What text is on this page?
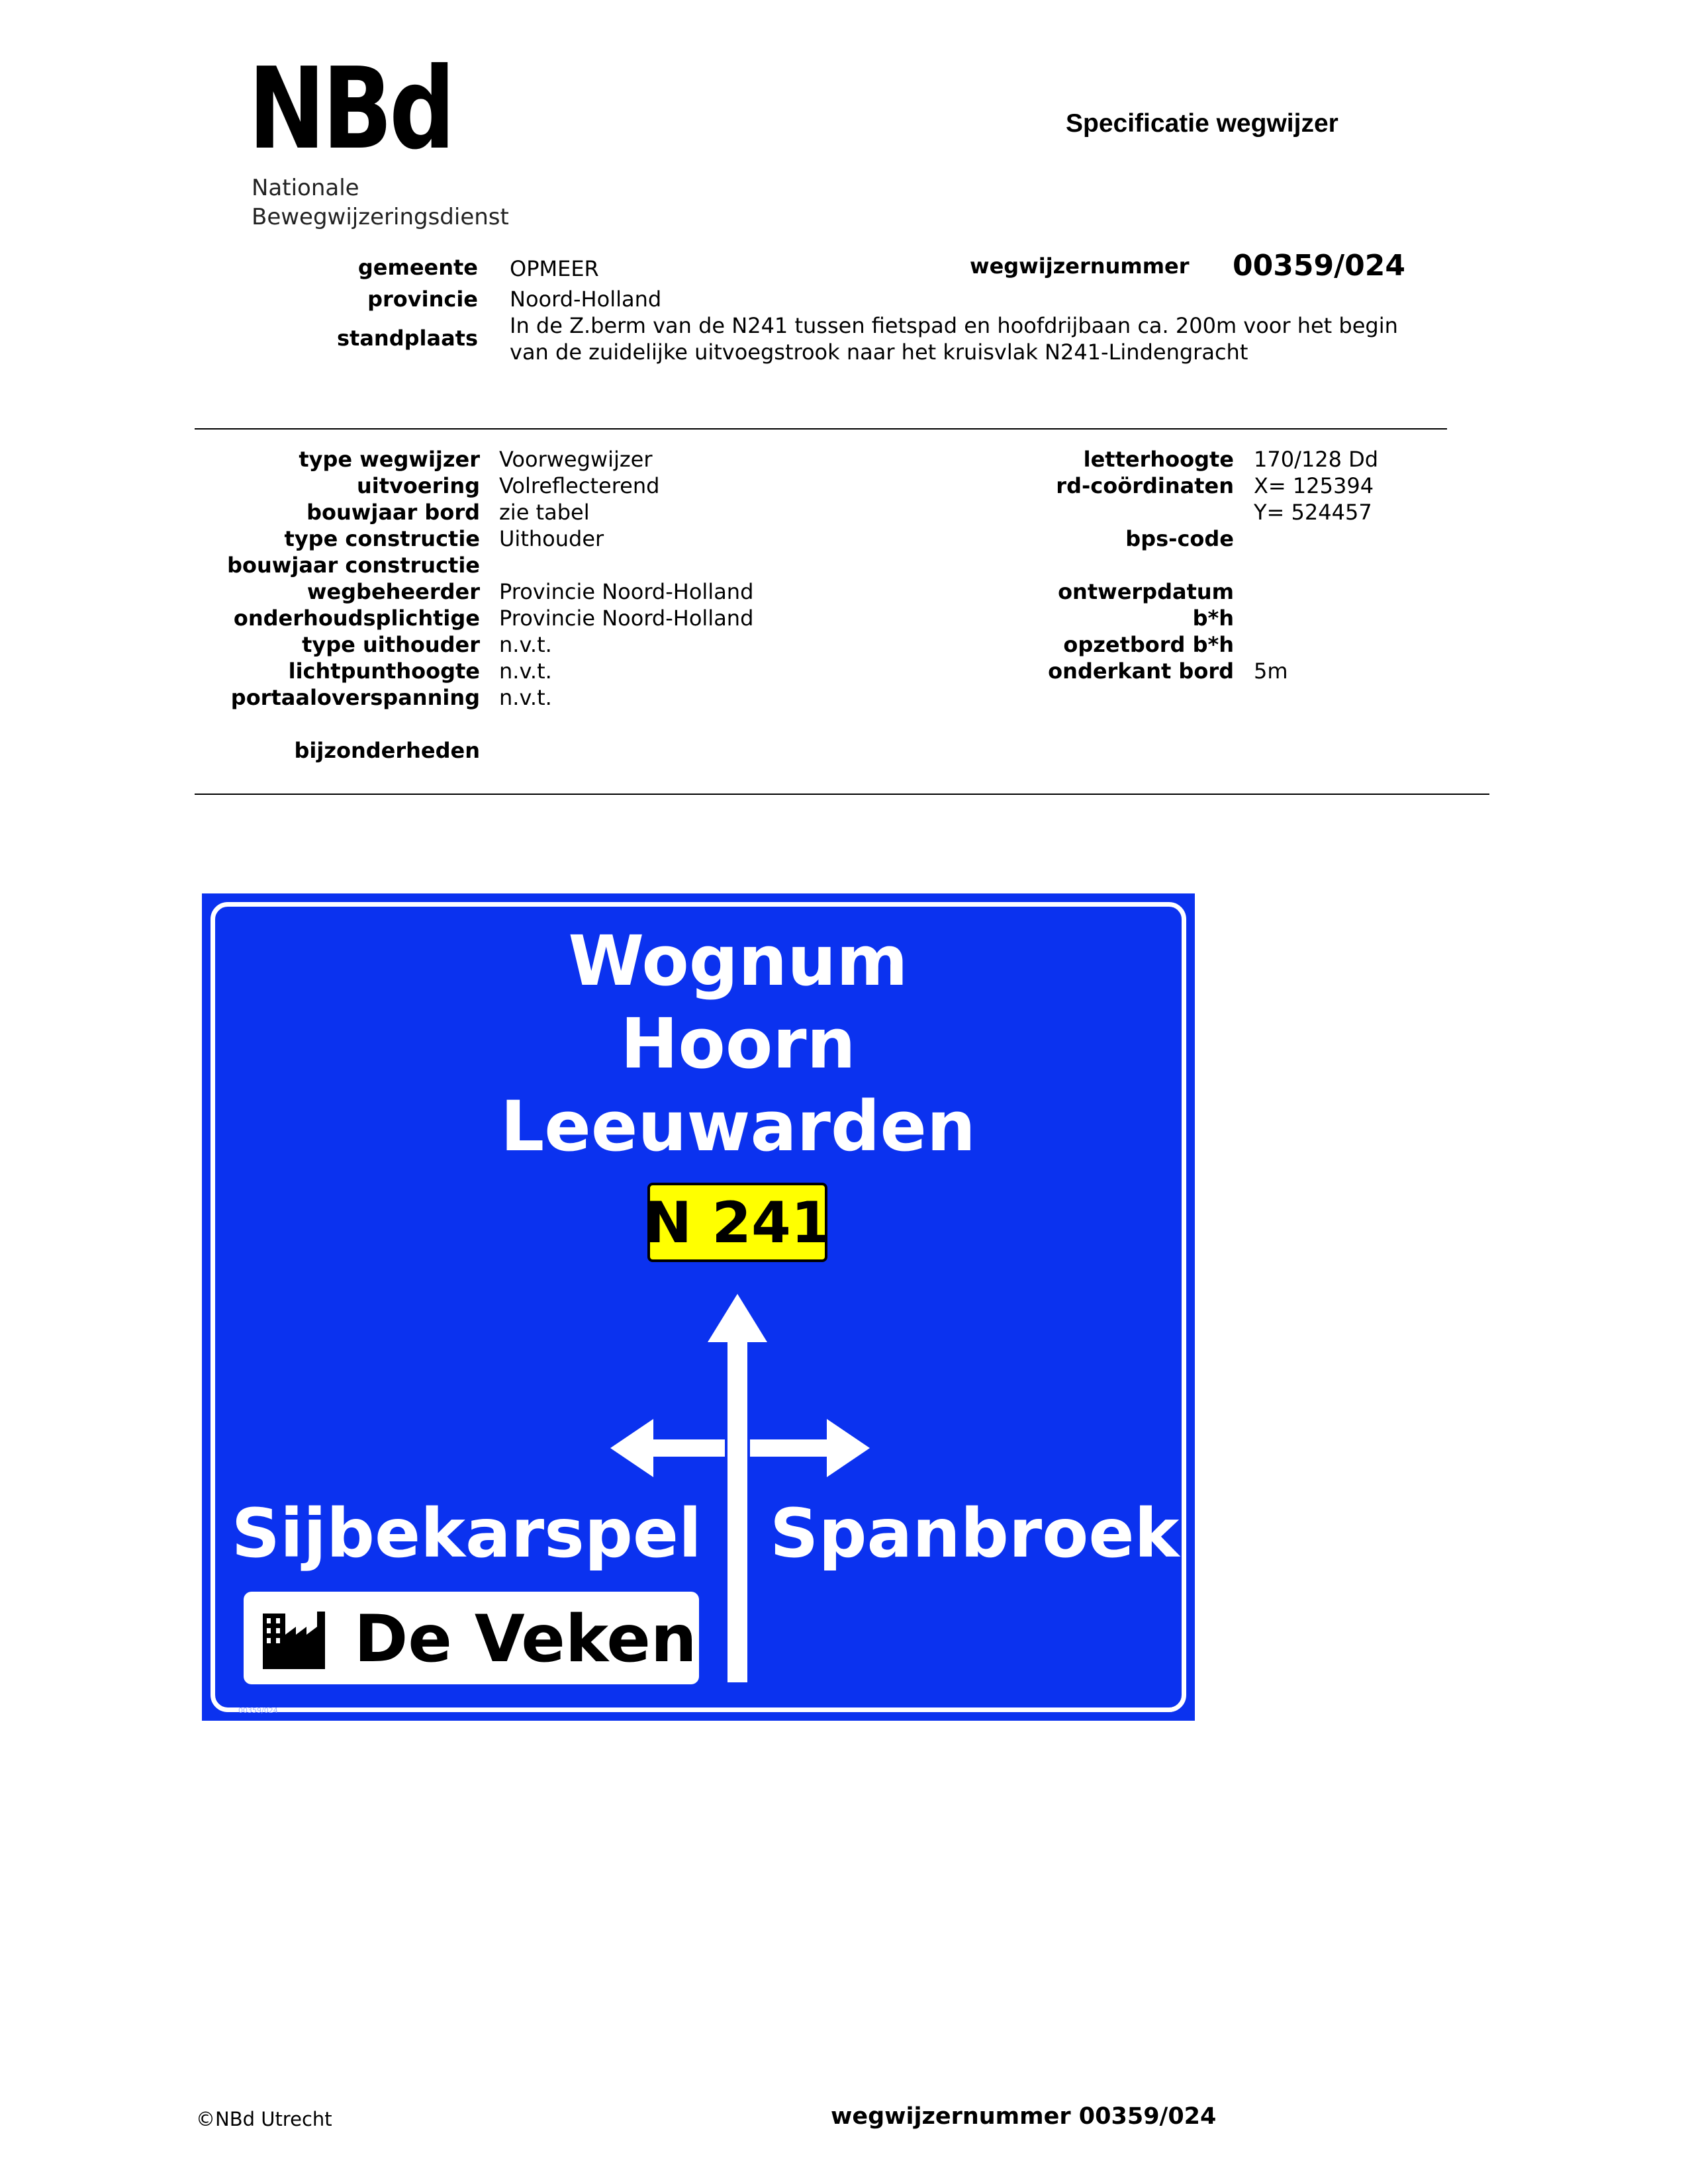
NBd
Nationale
Bewegwijzeringsdienst
Specificatie wegwijzer
gemeente OPMEER
provincie Noord-Holland
standplaats In de Z.berm van de N241 tussen fietspad en hoofdrijbaan ca. 200m voor het begin
van de zuidelijke uitvoegstrook naar het kruisvlak N241-Lindengracht
wegwijzernummer 00359/024
type wegwijzer
uitvoering
bouwjaar bord
type constructie
bouwjaar constructie
wegbeheerder
onderhoudsplichtige
type uithouder
lichtpunthoogte
portaaloverspanning

bijzonderheden
Voorwegwijzer
Volreflecterend
zie tabel
Uithouder

Provincie Noord-Holland
Provincie Noord-Holland
n.v.t.
n.v.t.
n.v.t.
letterhoogte
rd-coördinaten

bps-code

ontwerpdatum
b*h
opzetbord b*h
onderkant bord
170/128 Dd
X= 125394
Y= 524457

5m
Wognum
Hoorn
Leeuwarden
N 241
Sijbekarspel Spanbroek
De Veken
00359/024
©NBd Utrecht	wegwijzernummer 00359/024
